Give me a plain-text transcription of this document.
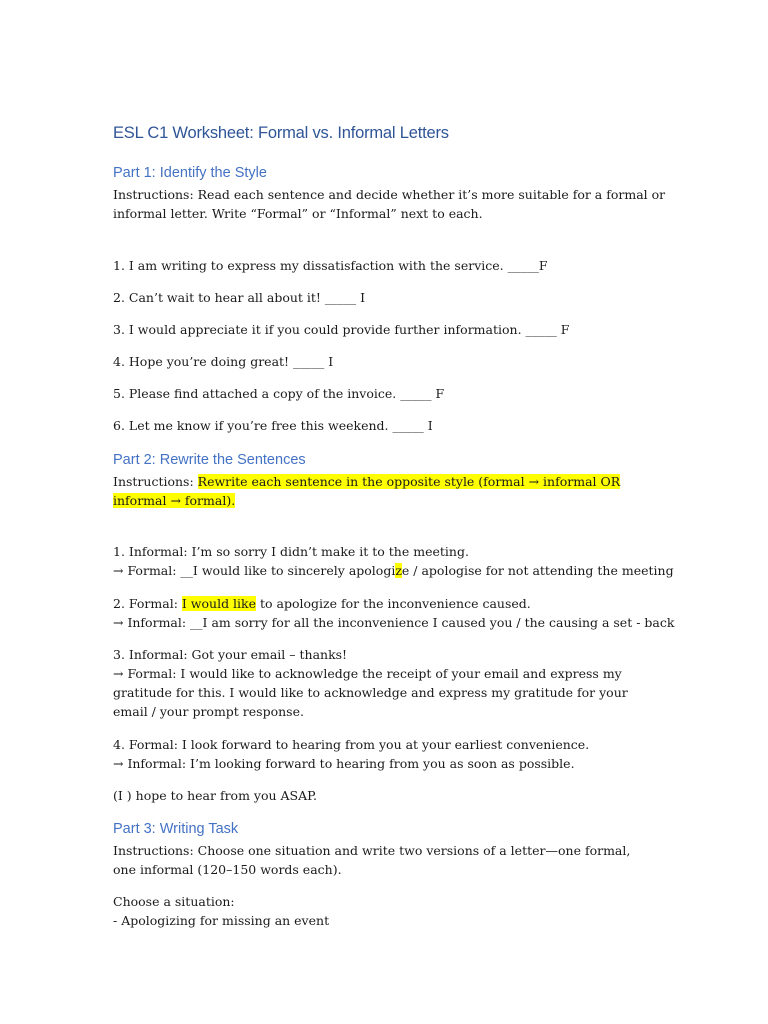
ESL C1 Worksheet: Formal vs. Informal Letters
Part 1: Identify the Style
Instructions: Read each sentence and decide whether it’s more suitable for a formal or informal letter. Write “Formal” or “Informal” next to each.
1. I am writing to express my dissatisfaction with the service. _____F
2. Can’t wait to hear all about it! _____ I
3. I would appreciate it if you could provide further information. _____ F
4. Hope you’re doing great! _____ I
5. Please find attached a copy of the invoice. _____ F
6. Let me know if you’re free this weekend. _____ I
Part 2: Rewrite the Sentences
Instructions: Rewrite each sentence in the opposite style (formal → informal OR informal → formal).
1. Informal: I’m so sorry I didn’t make it to the meeting.
→ Formal: __I would like to sincerely apologize / apologise for not attending the meeting
2. Formal: I would like to apologize for the inconvenience caused.
→ Informal: __I am sorry for all the inconvenience I caused you / the causing a set - back
3. Informal: Got your email – thanks!
→ Formal: I would like to acknowledge the receipt of your email and express my gratitude for this. I would like to acknowledge and express my gratitude for your email / your prompt response.
4. Formal: I look forward to hearing from you at your earliest convenience.
→ Informal: I’m looking forward to hearing from you as soon as possible.
(I ) hope to hear from you ASAP.
Part 3: Writing Task
Instructions: Choose one situation and write two versions of a letter—one formal, one informal (120–150 words each).
Choose a situation:
- Apologizing for missing an event
